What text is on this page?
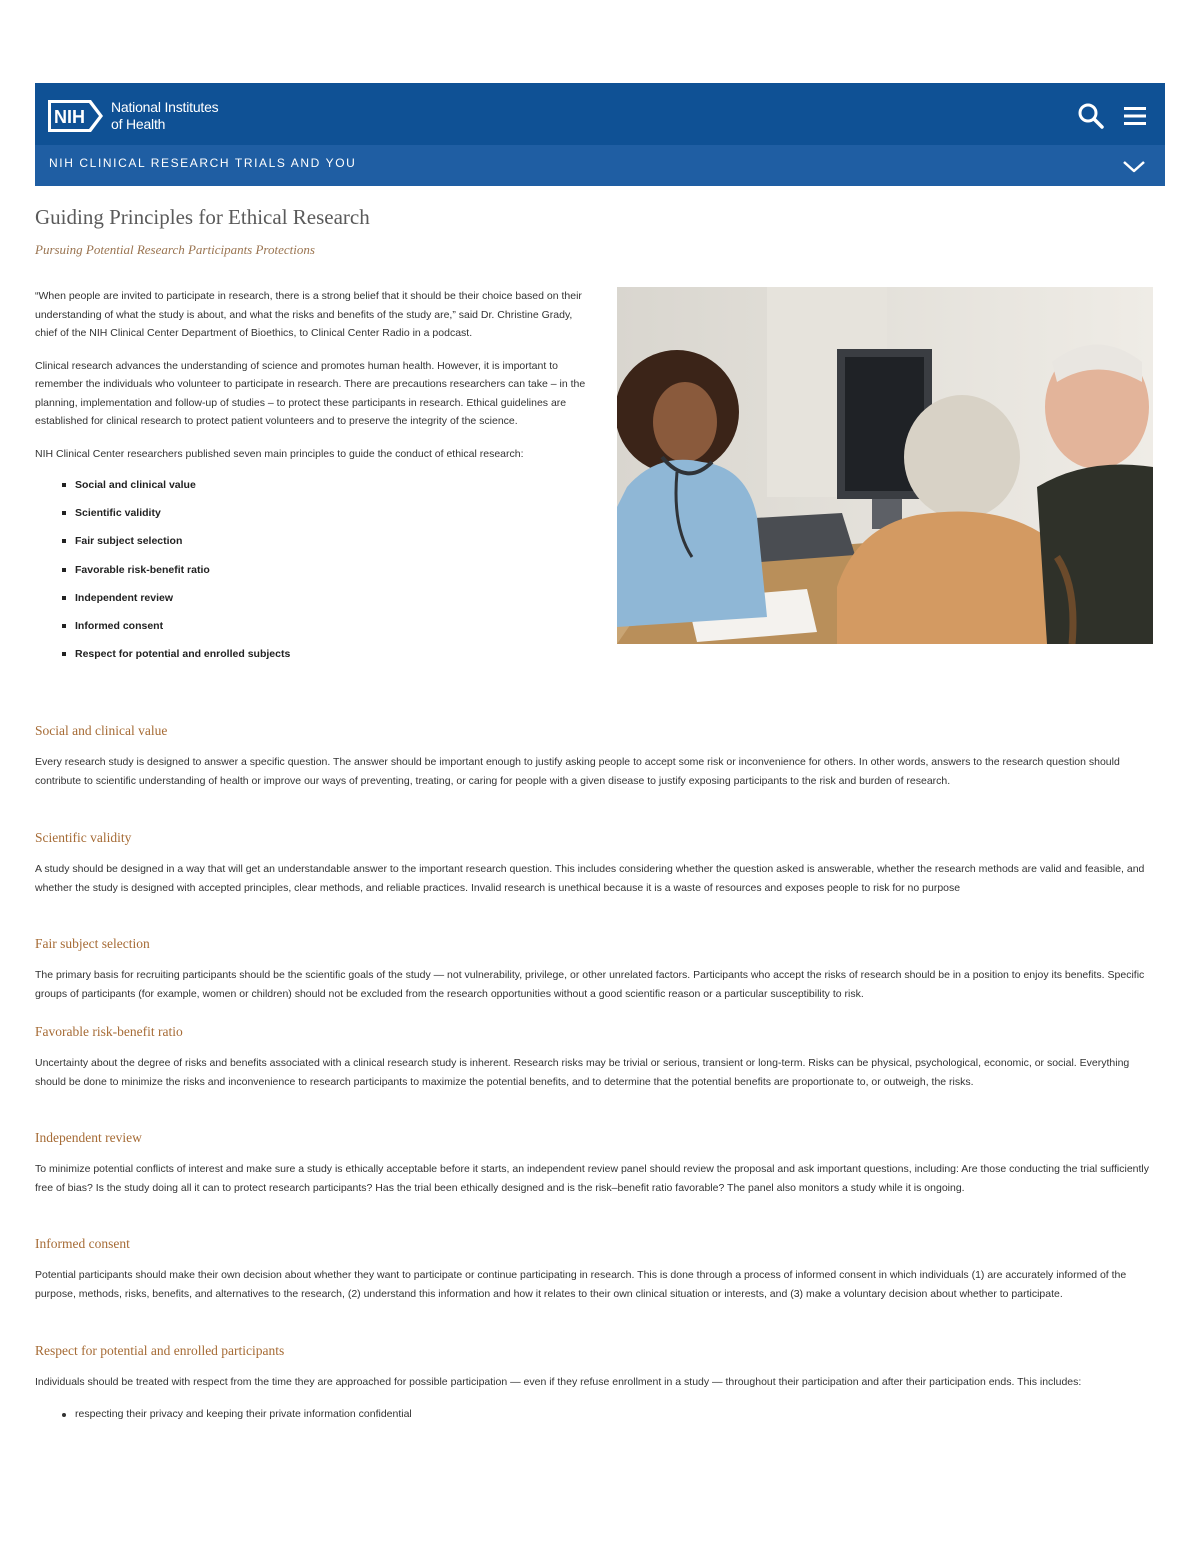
NIH National Institutes
of Health
NIH CLINICAL RESEARCH TRIALS AND YOU
Guiding Principles for Ethical Research
Pursuing Potential Research Participants Protections

“When people are invited to participate in research, there is a strong belief that it should be their choice based on their understanding of what the study is about, and what the risks and benefits of the study are,” said Dr. Christine Grady, chief of the NIH Clinical Center Department of Bioethics, to Clinical Center Radio in a podcast.

Clinical research advances the understanding of science and promotes human health. However, it is important to remember the individuals who volunteer to participate in research. There are precautions researchers can take – in the planning, implementation and follow-up of studies – to protect these participants in research. Ethical guidelines are established for clinical research to protect patient volunteers and to preserve the integrity of the science.

NIH Clinical Center researchers published seven main principles to guide the conduct of ethical research:

Social and clinical value
Scientific validity
Fair subject selection
Favorable risk-benefit ratio
Independent review
Informed consent
Respect for potential and enrolled subjects
Social and clinical value

Every research study is designed to answer a specific question. The answer should be important enough to justify asking people to accept some risk or inconvenience for others. In other words, answers to the research question should contribute to scientific understanding of health or improve our ways of preventing, treating, or caring for people with a given disease to justify exposing participants to the risk and burden of research.

Scientific validity

A study should be designed in a way that will get an understandable answer to the important research question. This includes considering whether the question asked is answerable, whether the research methods are valid and feasible, and whether the study is designed with accepted principles, clear methods, and reliable practices. Invalid research is unethical because it is a waste of resources and exposes people to risk for no purpose

Fair subject selection

The primary basis for recruiting participants should be the scientific goals of the study — not vulnerability, privilege, or other unrelated factors. Participants who accept the risks of research should be in a position to enjoy its benefits. Specific groups of participants (for example, women or children) should not be excluded from the research opportunities without a good scientific reason or a particular susceptibility to risk.

Favorable risk-benefit ratio

Uncertainty about the degree of risks and benefits associated with a clinical research study is inherent. Research risks may be trivial or serious, transient or long-term. Risks can be physical, psychological, economic, or social. Everything should be done to minimize the risks and inconvenience to research participants to maximize the potential benefits, and to determine that the potential benefits are proportionate to, or outweigh, the risks.

Independent review

To minimize potential conflicts of interest and make sure a study is ethically acceptable before it starts, an independent review panel should review the proposal and ask important questions, including: Are those conducting the trial sufficiently free of bias? Is the study doing all it can to protect research participants? Has the trial been ethically designed and is the risk–benefit ratio favorable? The panel also monitors a study while it is ongoing.

Informed consent

Potential participants should make their own decision about whether they want to participate or continue participating in research. This is done through a process of informed consent in which individuals (1) are accurately informed of the purpose, methods, risks, benefits, and alternatives to the research, (2) understand this information and how it relates to their own clinical situation or interests, and (3) make a voluntary decision about whether to participate.

Respect for potential and enrolled participants

Individuals should be treated with respect from the time they are approached for possible participation — even if they refuse enrollment in a study — throughout their participation and after their participation ends. This includes:

respecting their privacy and keeping their private information confidential
